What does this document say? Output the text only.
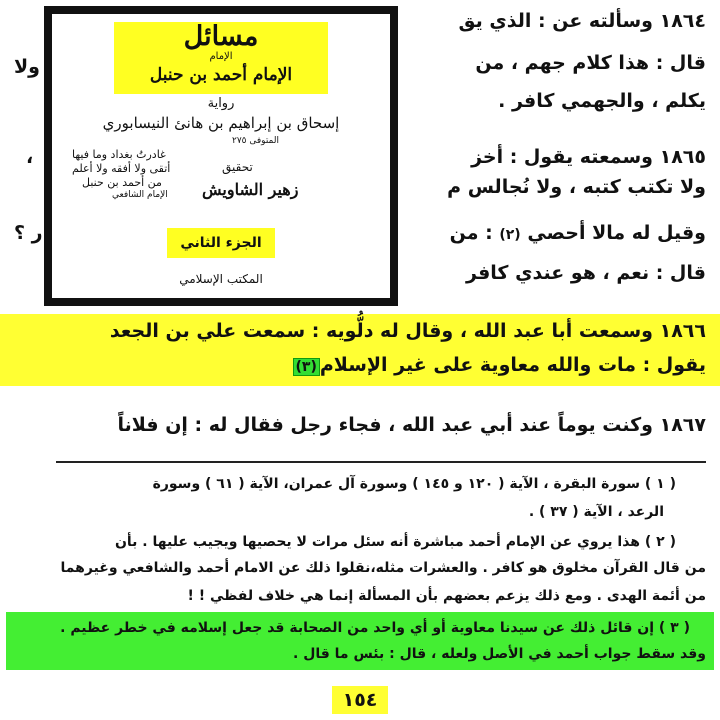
١٨٦٤ وسألته عن : الذي يق
قال : هذا كلام جهم ، من
ولا
يكلم ، والجهمي كافر .
١٨٦٥ وسمعته يقول : أخز
،
ولا تكتب كتبه ، ولا نُجالس م
وقيل له مالا أحصي (٢) : من
ر ؟
قال : نعم ، هو عندي كافر
مسائل
الإمام
الإمام أحمد بن حنبل
رواية
إسحاق بن إبراهيم بن هانئ النيسابوري
المتوفى ٢٧٥
غادرتُ بغداد وما فيها
أتقى ولا أفقه ولا أعلم
من أحمد بن حنبل
الإمام الشافعي
تحقيق
زهير الشاويش
الجزء الثاني
المكتب الإسلامي
١٨٦٦ وسمعت أبا عبد الله ، وقال له دلُّويه : سمعت علي بن الجعد
يقول : مات والله معاوية على غير الإسلام(٣)
١٨٦٧ وكنت يوماً عند أبي عبد الله ، فجاء رجل فقال له : إن فلاناً
( ١ ) سورة البقرة ، الآية ( ١٢٠ و ١٤٥ ) وسورة آل عمران، الآية ( ٦١ ) وسورة
الرعد ، الآية ( ٣٧ ) .
( ٢ ) هذا يروي عن الإمام أحمد مباشرة أنه سئل مرات لا يحصيها ويجيب عليها . بأن
من قال القرآن مخلوق هو كافر . والعشرات مثله،نقلوا ذلك عن الامام أحمد والشافعي وغيرهما
من أئمة الهدى . ومع ذلك يزعم بعضهم بأن المسألة إنما هي خلاف لفظي ! !
( ٣ ) إن قائل ذلك عن سيدنا معاوية أو أي واحد من الصحابة قد جعل إسلامه في خطر عظيم .
وقد سقط جواب أحمد في الأصل ولعله ، قال : بئس ما قال .
١٥٤
